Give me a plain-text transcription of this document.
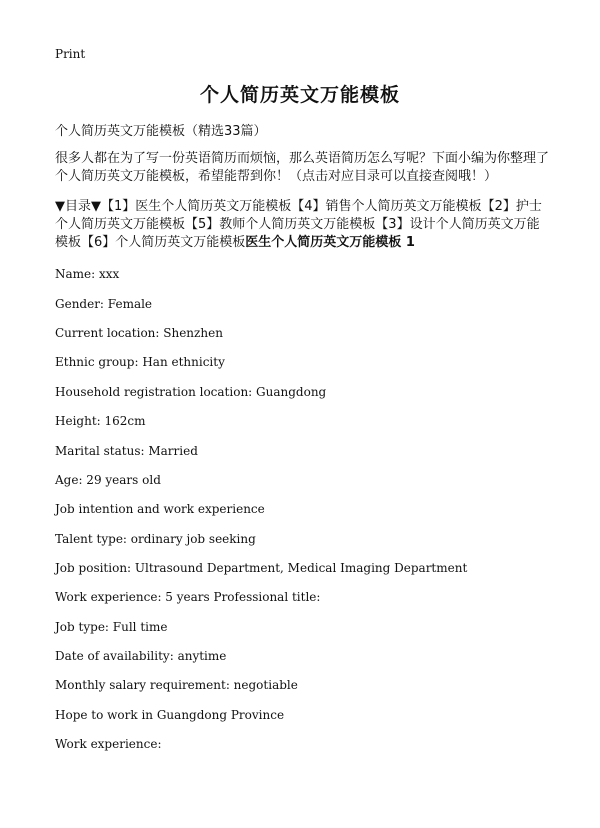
Print
个人简历英文万能模板
个人简历英文万能模板（精选33篇）
很多人都在为了写一份英语简历而烦恼，那么英语简历怎么写呢？下面小编为你整理了个人简历英文万能模板，希望能帮到你！（点击对应目录可以直接查阅哦！）
▼目录▼【1】医生个人简历英文万能模板【4】销售个人简历英文万能模板【2】护士个人简历英文万能模板【5】教师个人简历英文万能模板【3】设计个人简历英文万能模板【6】个人简历英文万能模板医生个人简历英文万能模板 1
Name: xxx
Gender: Female
Current location: Shenzhen
Ethnic group: Han ethnicity
Household registration location: Guangdong
Height: 162cm
Marital status: Married
Age: 29 years old
Job intention and work experience
Talent type: ordinary job seeking
Job position: Ultrasound Department, Medical Imaging Department
Work experience: 5 years Professional title:
Job type: Full time
Date of availability: anytime
Monthly salary requirement: negotiable
Hope to work in Guangdong Province
Work experience:
